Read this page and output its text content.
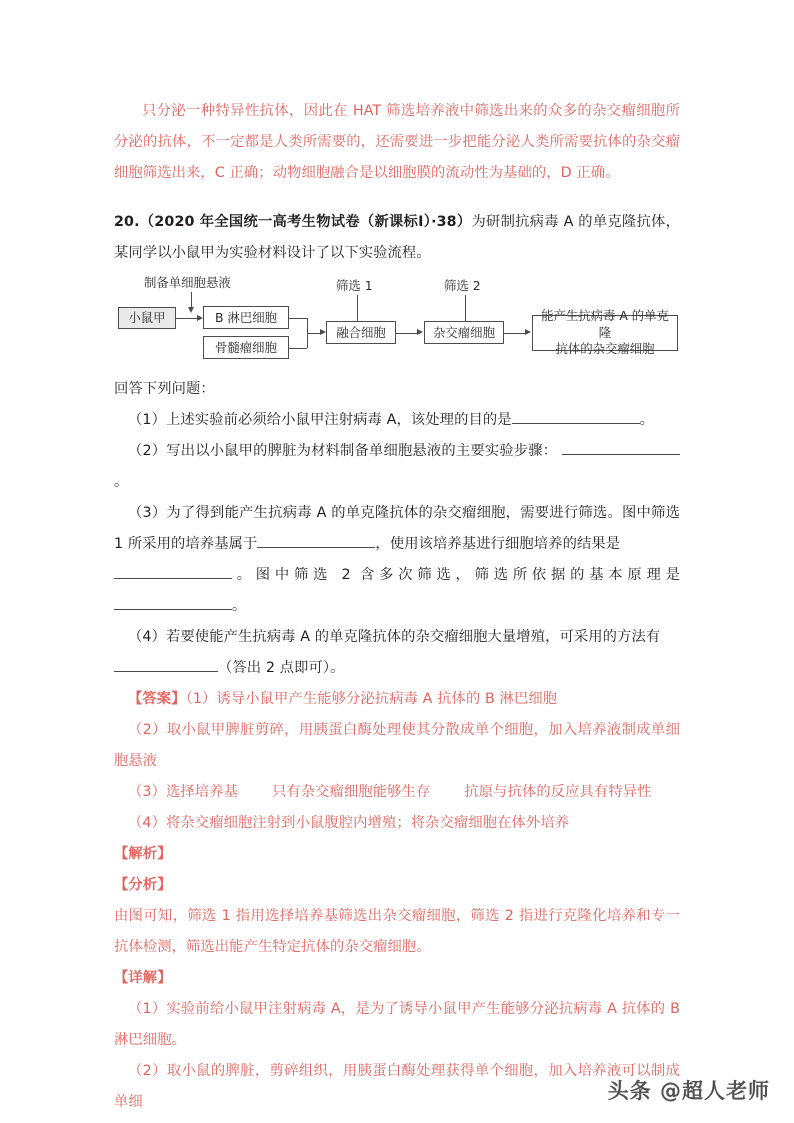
只分泌一种特异性抗体，因此在 HAT 筛选培养液中筛选出来的众多的杂交瘤细胞所分泌的抗体，不一定都是人类所需要的，还需要进一步把能分泌人类所需要抗体的杂交瘤细胞筛选出来，C 正确；动物细胞融合是以细胞膜的流动性为基础的，D 正确。

20.（2020 年全国统一高考生物试卷（新课标Ⅰ）·38）为研制抗病毒 A 的单克隆抗体，某同学以小鼠甲为实验材料设计了以下实验流程。

制备单细胞悬液	筛选 1	筛选 2
小鼠甲	B 淋巴细胞
骨髓瘤细胞
融合细胞	杂交瘤细胞
能产生抗病毒 A 的单克隆
抗体的杂交瘤细胞

回答下列问题：

（1）上述实验前必须给小鼠甲注射病毒 A，该处理的目的是	。

（2）写出以小鼠甲的脾脏为材料制备单细胞悬液的主要实验步骤： 。

（3）为了得到能产生抗病毒 A 的单克隆抗体的杂交瘤细胞，需要进行筛选。图中筛选 1 所采用的培养基属于	，使用该培养基进行细胞培养的结果是
。图中筛选 2 含多次筛选，筛选所依据的基本原理是。

（4）若要使能产生抗病毒 A 的单克隆抗体的杂交瘤细胞大量增殖，可采用的方法有
（答出 2 点即可）。

【答案】（1）诱导小鼠甲产生能够分泌抗病毒 A 抗体的 B 淋巴细胞

（2）取小鼠甲脾脏剪碎，用胰蛋白酶处理使其分散成单个细胞，加入培养液制成单细胞悬液

（3）选择培养基 只有杂交瘤细胞能够生存 抗原与抗体的反应具有特异性

（4）将杂交瘤细胞注射到小鼠腹腔内增殖；将杂交瘤细胞在体外培养

【解析】

【分析】

由图可知，筛选 1 指用选择培养基筛选出杂交瘤细胞，筛选 2 指进行克隆化培养和专一抗体检测，筛选出能产生特定抗体的杂交瘤细胞。

【详解】

（1）实验前给小鼠甲注射病毒 A，是为了诱导小鼠甲产生能够分泌抗病毒 A 抗体的 B 淋巴细胞。

（2）取小鼠的脾脏，剪碎组织，用胰蛋白酶处理获得单个细胞，加入培养液可以制成单细	头条 @超人老师
